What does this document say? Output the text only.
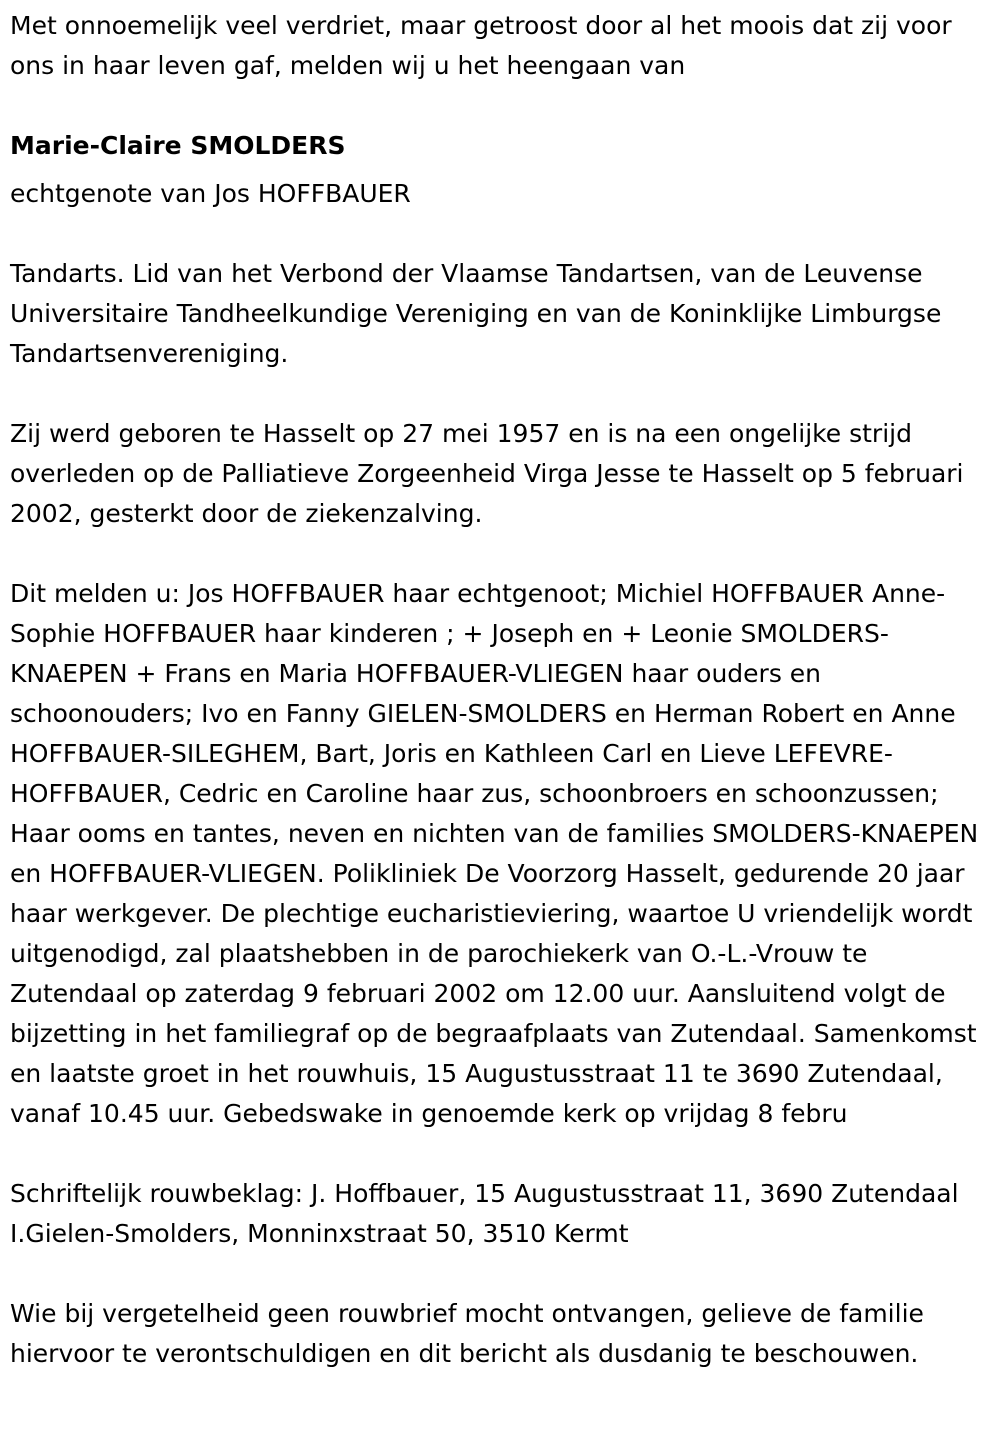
Met onnoemelijk veel verdriet, maar getroost door al het moois dat zij voor ons in haar leven gaf, melden wij u het heengaan van

Marie-Claire SMOLDERS

echtgenote van Jos HOFFBAUER

Tandarts. Lid van het Verbond der Vlaamse Tandartsen, van de Leuvense Universitaire Tandheelkundige Vereniging en van de Koninklijke Limburgse Tandartsenvereniging.

Zij werd geboren te Hasselt op 27 mei 1957 en is na een ongelijke strijd overleden op de Palliatieve Zorgeenheid Virga Jesse te Hasselt op 5 februari 2002, gesterkt door de ziekenzalving.

Dit melden u: Jos HOFFBAUER haar echtgenoot; Michiel HOFFBAUER Anne-Sophie HOFFBAUER haar kinderen ; + Joseph en + Leonie SMOLDERS-KNAEPEN + Frans en Maria HOFFBAUER-VLIEGEN haar ouders en schoonouders; Ivo en Fanny GIELEN-SMOLDERS en Herman Robert en Anne HOFFBAUER-SILEGHEM, Bart, Joris en Kathleen Carl en Lieve LEFEVRE-HOFFBAUER, Cedric en Caroline haar zus, schoonbroers en schoonzussen; Haar ooms en tantes, neven en nichten van de families SMOLDERS-KNAEPEN en HOFFBAUER-VLIEGEN. Polikliniek De Voorzorg Hasselt, gedurende 20 jaar haar werkgever. De plechtige eucharistieviering, waartoe U vriendelijk wordt uitgenodigd, zal plaatshebben in de parochiekerk van O.-L.-Vrouw te Zutendaal op zaterdag 9 februari 2002 om 12.00 uur. Aansluitend volgt de bijzetting in het familiegraf op de begraafplaats van Zutendaal. Samenkomst en laatste groet in het rouwhuis, 15 Augustusstraat 11 te 3690 Zutendaal, vanaf 10.45 uur. Gebedswake in genoemde kerk op vrijdag 8 febru

Schriftelijk rouwbeklag: J. Hoffbauer, 15 Augustusstraat 11, 3690 Zutendaal I.Gielen-Smolders, Monninxstraat 50, 3510 Kermt

Wie bij vergetelheid geen rouwbrief mocht ontvangen, gelieve de familie hiervoor te verontschuldigen en dit bericht als dusdanig te beschouwen.
